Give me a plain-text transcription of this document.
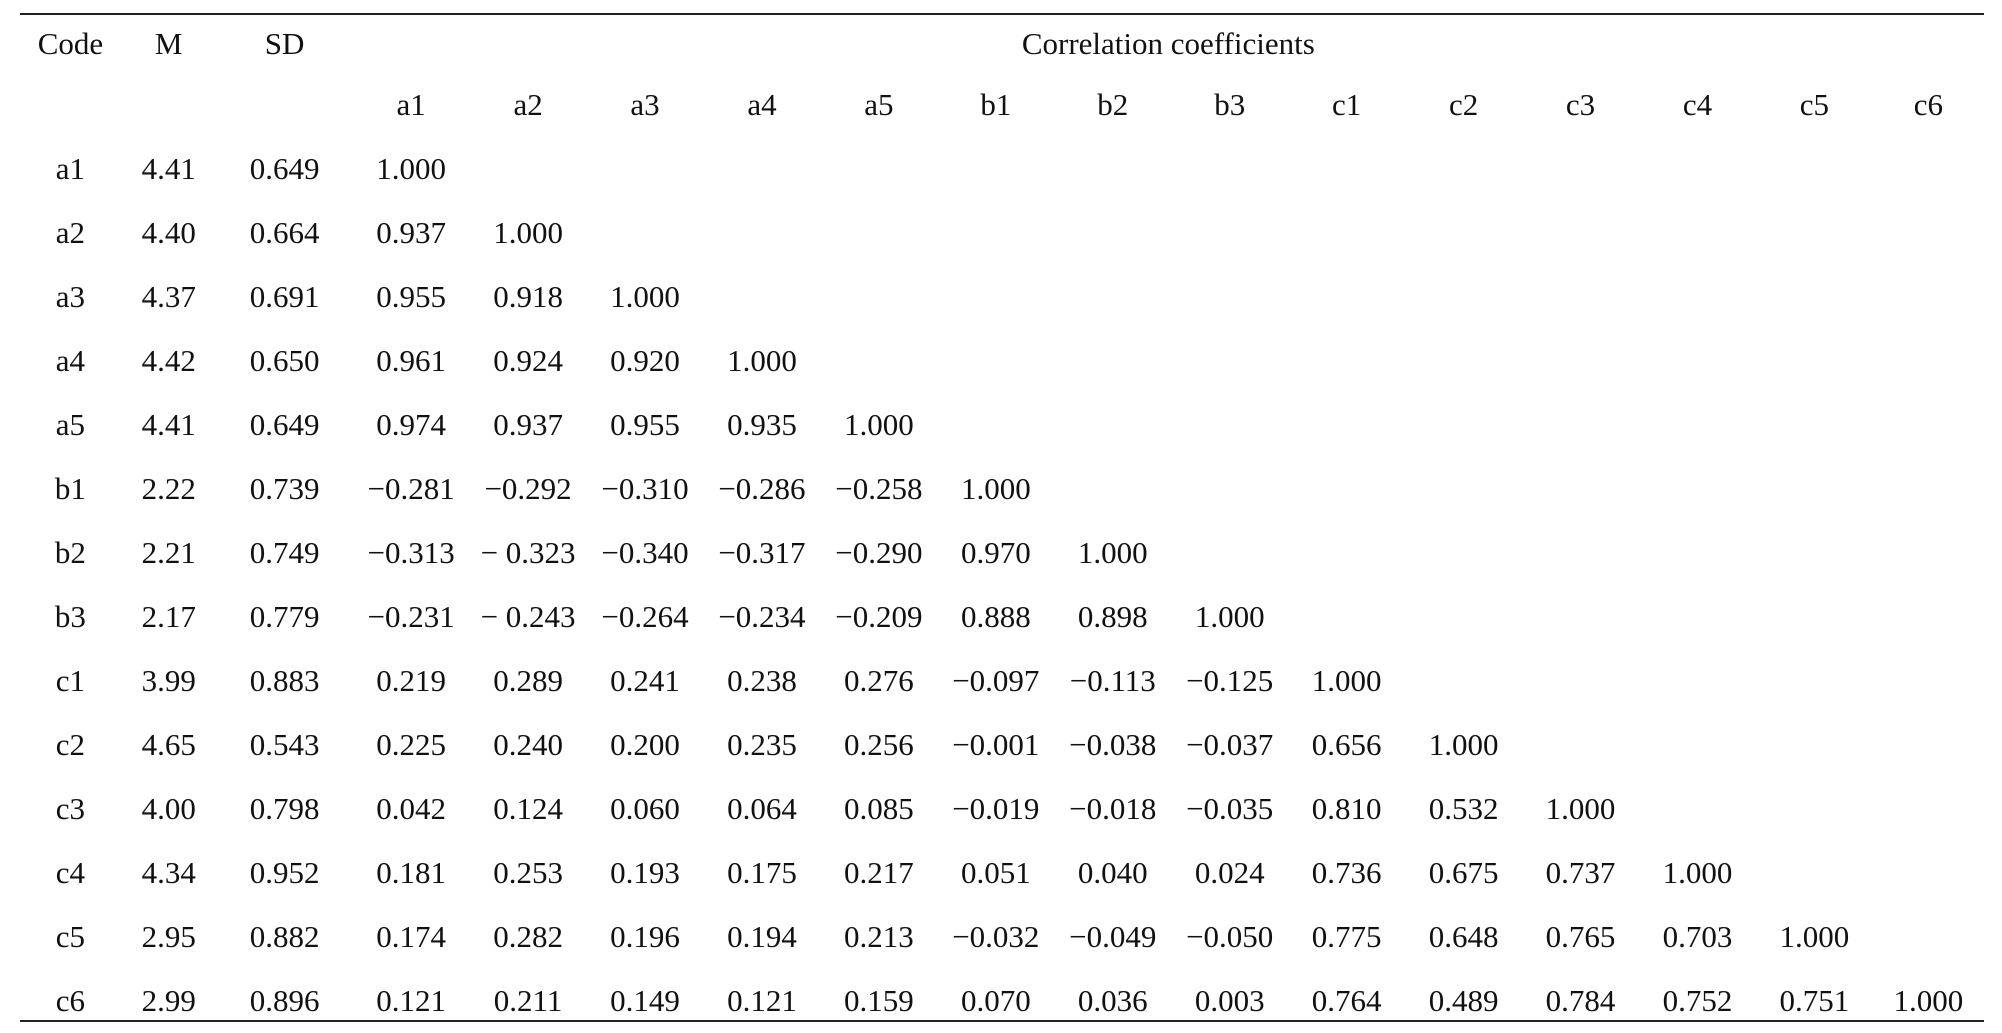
Code	M	SD	Correlation coefficients													
			a1	a2	a3	a4	a5	b1	b2	b3	c1	c2	c3	c4	c5	c6
a1	4.41	0.649	1.000													
a2	4.40	0.664	0.937	1.000												
a3	4.37	0.691	0.955	0.918	1.000											
a4	4.42	0.650	0.961	0.924	0.920	1.000										
a5	4.41	0.649	0.974	0.937	0.955	0.935	1.000									
b1	2.22	0.739	−0.281	−0.292	−0.310	−0.286	−0.258	1.000								
b2	2.21	0.749	−0.313	− 0.323	−0.340	−0.317	−0.290	0.970	1.000							
b3	2.17	0.779	−0.231	− 0.243	−0.264	−0.234	−0.209	0.888	0.898	1.000						
c1	3.99	0.883	0.219	0.289	0.241	0.238	0.276	−0.097	−0.113	−0.125	1.000					
c2	4.65	0.543	0.225	0.240	0.200	0.235	0.256	−0.001	−0.038	−0.037	0.656	1.000				
c3	4.00	0.798	0.042	0.124	0.060	0.064	0.085	−0.019	−0.018	−0.035	0.810	0.532	1.000			
c4	4.34	0.952	0.181	0.253	0.193	0.175	0.217	0.051	0.040	0.024	0.736	0.675	0.737	1.000		
c5	2.95	0.882	0.174	0.282	0.196	0.194	0.213	−0.032	−0.049	−0.050	0.775	0.648	0.765	0.703	1.000	
c6	2.99	0.896	0.121	0.211	0.149	0.121	0.159	0.070	0.036	0.003	0.764	0.489	0.784	0.752	0.751	1.000
